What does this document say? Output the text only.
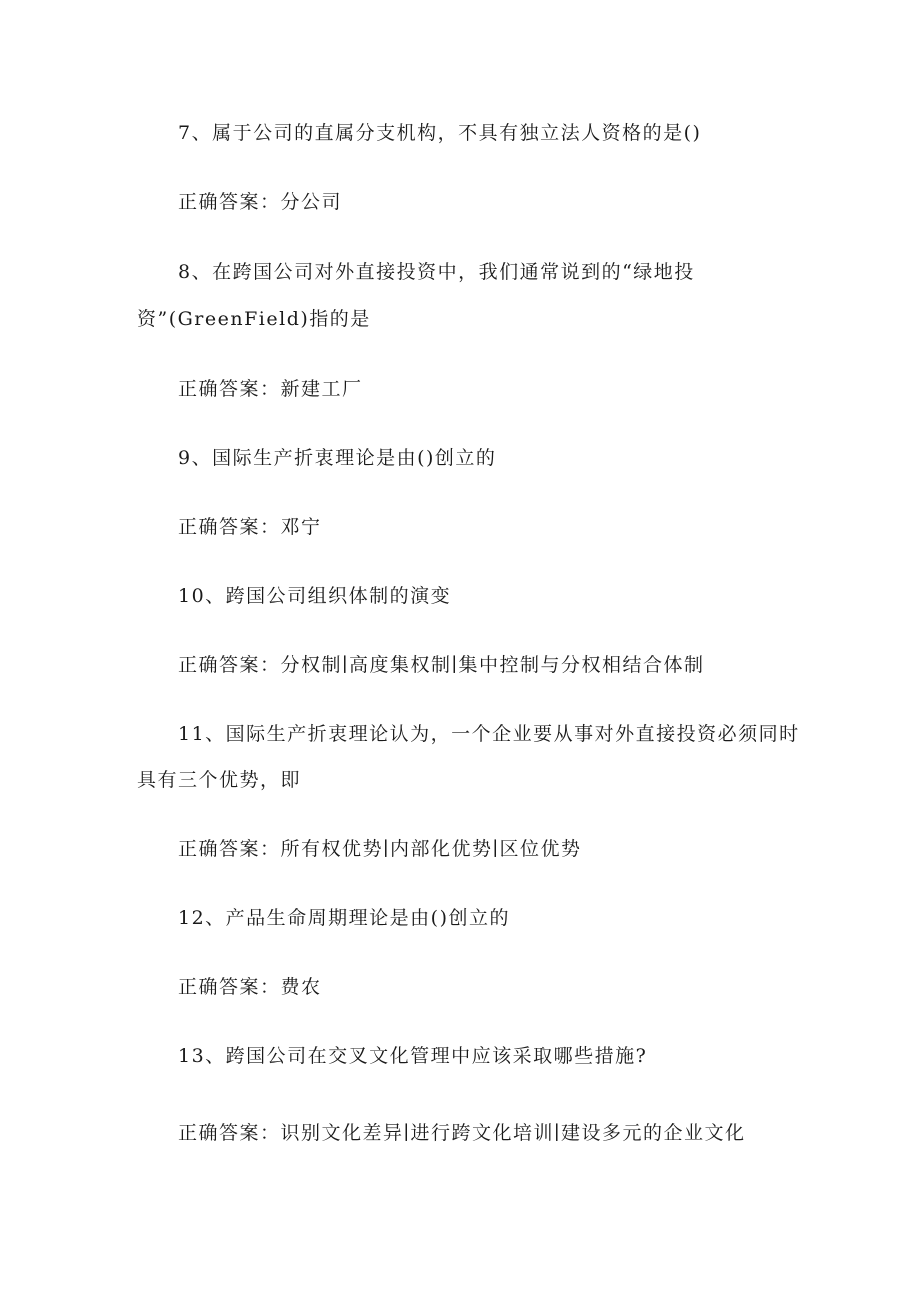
7、属于公司的直属分支机构，不具有独立法人资格的是()
正确答案：分公司
8、在跨国公司对外直接投资中，我们通常说到的“绿地投
资”(GreenField)指的是
正确答案：新建工厂
9、国际生产折衷理论是由()创立的
正确答案：邓宁
10、跨国公司组织体制的演变
正确答案：分权制∣高度集权制∣集中控制与分权相结合体制
11、国际生产折衷理论认为，一个企业要从事对外直接投资必须同时
具有三个优势，即
正确答案：所有权优势∣内部化优势∣区位优势
12、产品生命周期理论是由()创立的
正确答案：费农
13、跨国公司在交叉文化管理中应该采取哪些措施?
正确答案：识别文化差异∣进行跨文化培训∣建设多元的企业文化
